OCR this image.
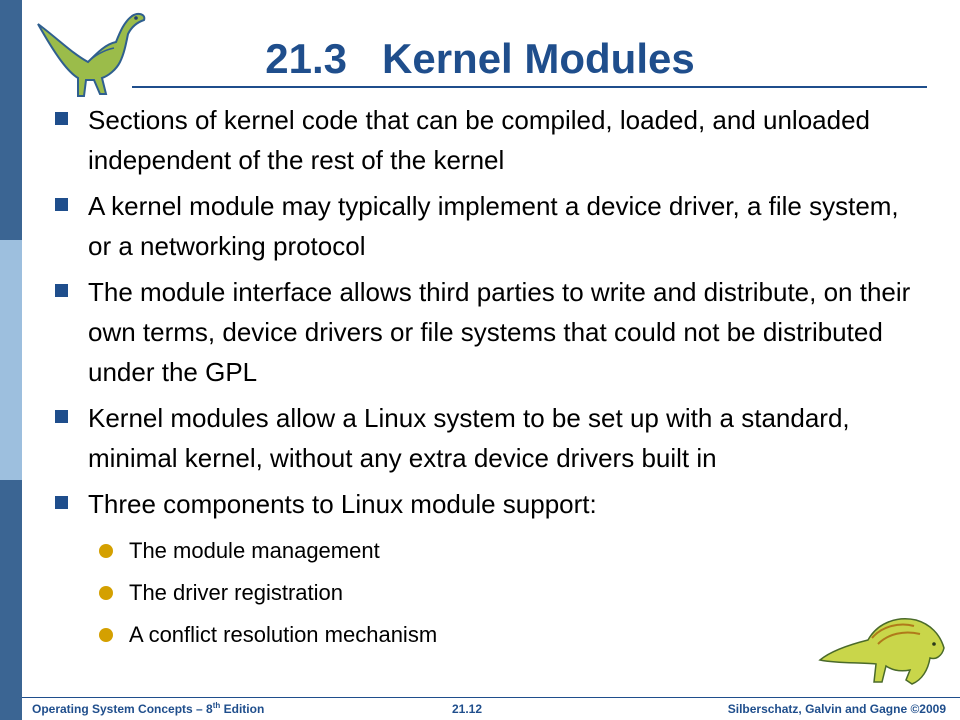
21.3   Kernel Modules
Sections of kernel code that can be compiled, loaded, and unloaded independent of the rest of the kernel
A kernel module may typically implement a device driver, a file system, or a networking protocol
The module interface allows third parties to write and distribute, on their own terms, device drivers or file systems that could not be distributed under the GPL
Kernel modules allow a Linux system to be set up with a standard, minimal kernel, without any extra device drivers built in
Three components to Linux module support:
The module management
The driver registration
A conflict resolution mechanism
Operating System Concepts – 8th Edition	21.12	Silberschatz, Galvin and Gagne ©2009
